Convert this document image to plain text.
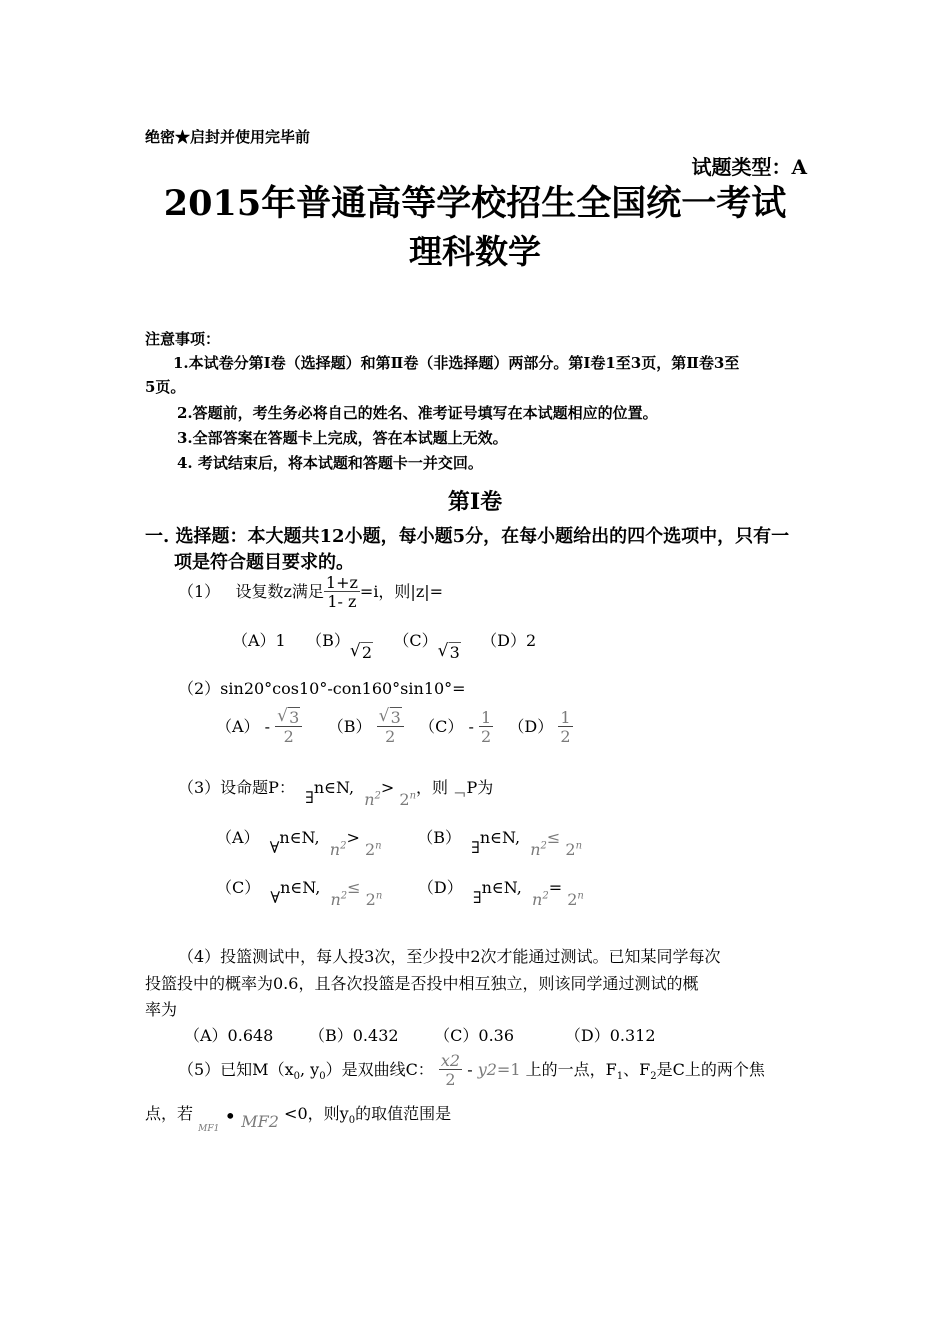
绝密★启封并使用完毕前
试题类型：A
2015年普通高等学校招生全国统一考试
理科数学
注意事项：
1.本试卷分第Ⅰ卷（选择题）和第Ⅱ卷（非选择题）两部分。第Ⅰ卷1至3页，第Ⅱ卷3至
5页。
2.答题前，考生务必将自己的姓名、准考证号填写在本试题相应的位置。
3.全部答案在答题卡上完成，答在本试题上无效。
4. 考试结束后，将本试题和答题卡一并交回。
第Ⅰ卷
一. 选择题：本大题共12小题，每小题5分，在每小题给出的四个选项中，只有一
项是符合题目要求的。
（1） 设复数z满足 $\frac{1+z}{1- z} =i$，则|z|=
（A）1 （B）√ 2    （C）√ 3    （D）2
（2）sin20°cos10°-con160°sin10°=
（A） - √ $\frac{3}{2} (B)$ √ $\frac{3}{2} (C) - \frac{1}{2} (D) \frac{1}{2}$
（3）设命题P：  ∃n∈N,  $n^2> 2^n$，则 ¬P为
（A）  ∀n∈N,  $n^2> 2^n$ （B）  ∃n∈N,  $n^2\le 2^n$
（C）  ∀n∈N,  $n^2\le 2^n$ （D）  ∃n∈N,  $n^2= 2^n$
（4）投篮测试中，每人投3次，至少投中2次才能通过测试。已知某同学每次
投篮投中的概率为0.6，且各次投篮是否投中相互独立，则该同学通过测试的概
率为
（A）0.648 （B）0.432 （C）0.36	（D）0.312
（5）已知$M(x_0$, $y_0$）是双曲线C： $\frac{x2}{2} - y2=1$ 上的一点，$F_1$、$F_2$是C上的两个焦
点，若 $_{MF1}$ • MF2 <0，则$y_0$的取值范围是
